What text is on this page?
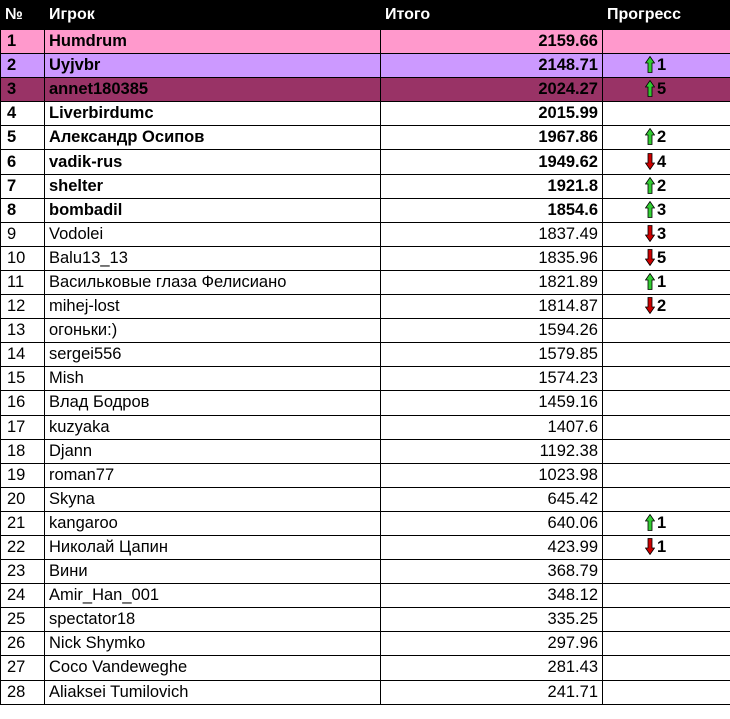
№	Игрок	Итого	Прогресс
1	Humdrum	2159.66	
2	Uyjvbr	2148.71	1
3	annet180385	2024.27	5
4	Liverbirdumc	2015.99	
5	Александр Осипов	1967.86	2
6	vadik-rus	1949.62	4
7	shelter	1921.8	2
8	bombadil	1854.6	3
9	Vodolei	1837.49	3
10	Balu13_13	1835.96	5
11	Васильковые глаза Фелисиано	1821.89	1
12	mihej-lost	1814.87	2
13	огоньки:)	1594.26	
14	sergei556	1579.85	
15	Mish	1574.23	
16	Влад Бодров	1459.16	
17	kuzyaka	1407.6	
18	Djann	1192.38	
19	roman77	1023.98	
20	Skyna	645.42	
21	kangaroo	640.06	1
22	Николай Цапин	423.99	1
23	Вини	368.79	
24	Amir_Han_001	348.12	
25	spectator18	335.25	
26	Nick Shymko	297.96	
27	Coco Vandeweghe	281.43	
28	Aliaksei Tumilovich	241.71	
